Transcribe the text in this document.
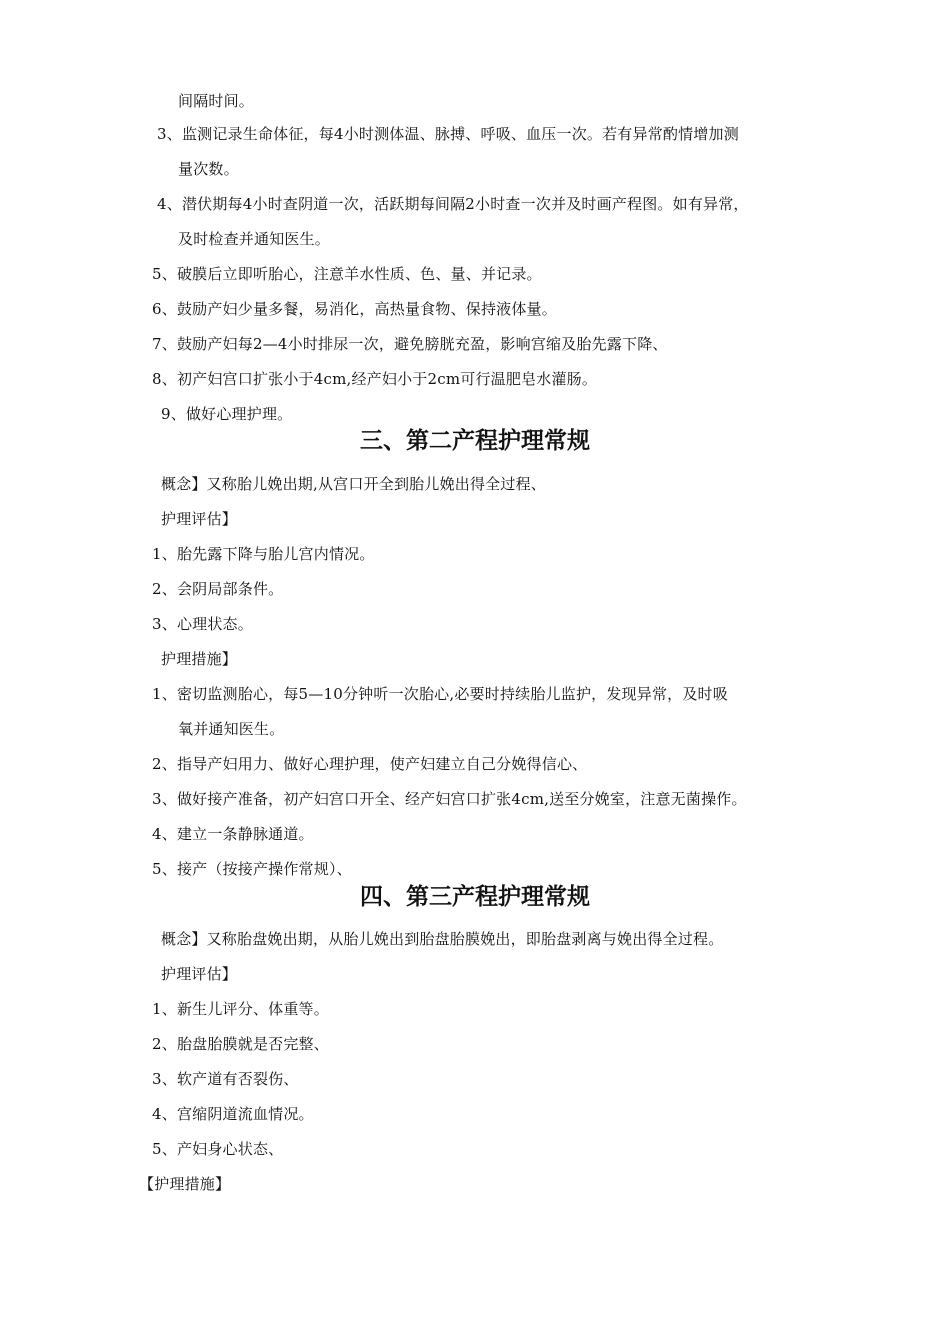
间隔时间。
3、监测记录生命体征，每4小时测体温、脉搏、呼吸、血压一次。若有异常酌情增加测
量次数。
4、潜伏期每4小时查阴道一次，活跃期每间隔2小时查一次并及时画产程图。如有异常，
及时检查并通知医生。
5、破膜后立即听胎心，注意羊水性质、色、量、并记录。
6、鼓励产妇少量多餐，易消化，高热量食物、保持液体量。
7、鼓励产妇每2—4小时排尿一次，避免膀胱充盈，影响宫缩及胎先露下降、
8、初产妇宫口扩张小于4cm,经产妇小于2cm可行温肥皂水灌肠。
9、做好心理护理。
三、第二产程护理常规
概念】又称胎儿娩出期,从宫口开全到胎儿娩出得全过程、
护理评估】
1、胎先露下降与胎儿宫内情况。
2、会阴局部条件。
3、心理状态。
护理措施】
1、密切监测胎心，每5—10分钟听一次胎心,必要时持续胎儿监护，发现异常，及时吸
氧并通知医生。
2、指导产妇用力、做好心理护理，使产妇建立自己分娩得信心、
3、做好接产准备，初产妇宫口开全、经产妇宫口扩张4cm,送至分娩室，注意无菌操作。
4、建立一条静脉通道。
5、接产（按接产操作常规）、
四、第三产程护理常规
概念】又称胎盘娩出期，从胎儿娩出到胎盘胎膜娩出，即胎盘剥离与娩出得全过程。
护理评估】
1、新生儿评分、体重等。
2、胎盘胎膜就是否完整、
3、软产道有否裂伤、
4、宫缩阴道流血情况。
5、产妇身心状态、
【护理措施】
